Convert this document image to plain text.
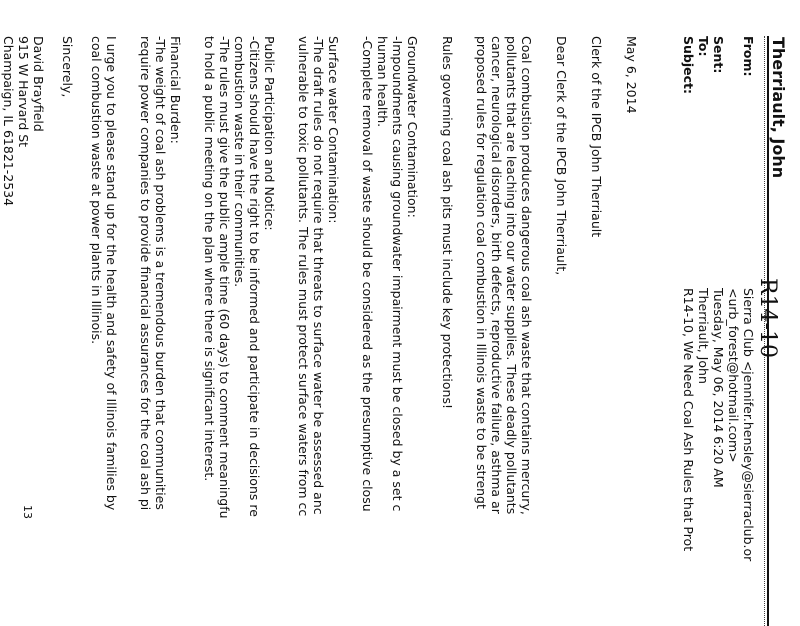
Therriault, John
R14-10
From:
Sierra Club <jennifer.hensley@sierraclub.or
<urb_forest@hotmail.com>
Sent:
Tuesday, May 06, 2014 6:20 AM
To:
Therriault, John
Subject:
R14-10, We Need Coal Ash Rules that Prot
May 6, 2014
Clerk of the IPCB John Therriault
Dear Clerk of the IPCB John Therriault,
Coal combustion produces dangerous coal ash waste that contains mercury,
pollutants that are leaching into our water supplies. These deadly pollutants
cancer, neurological disorders, birth defects, reproductive failure, asthma ar
proposed rules for regulation coal combustion in Illinois waste to be strengt
Rules governing coal ash pits must include key protections!
Groundwater Contamination:
-Impoundments causing groundwater impairment must be closed by a set c
human health.
-Complete removal of waste should be considered as the presumptive closu
Surface water Contamination:
-The draft rules do not require that threats to surface water be assessed anc
vulnerable to toxic pollutants. The rules must protect surface waters from cc
Public Participation and Notice:
-Citizens should have the right to be informed and participate in decisions re
combustion waste in their communities.
-The rules must give the public ample time (60 days) to comment meaningfu
to hold a public meeting on the plan where there is significant interest.
Financial Burden:
-The weight of coal ash problems is a tremendous burden that communities
require power companies to provide financial assurances for the coal ash pi
I urge you to please stand up for the health and safety of Illinois families by
coal combustion waste at power plants in Illinois.
Sincerely,
David Brayfield
915 W Harvard St
Champaign, IL 61821-2534
13
